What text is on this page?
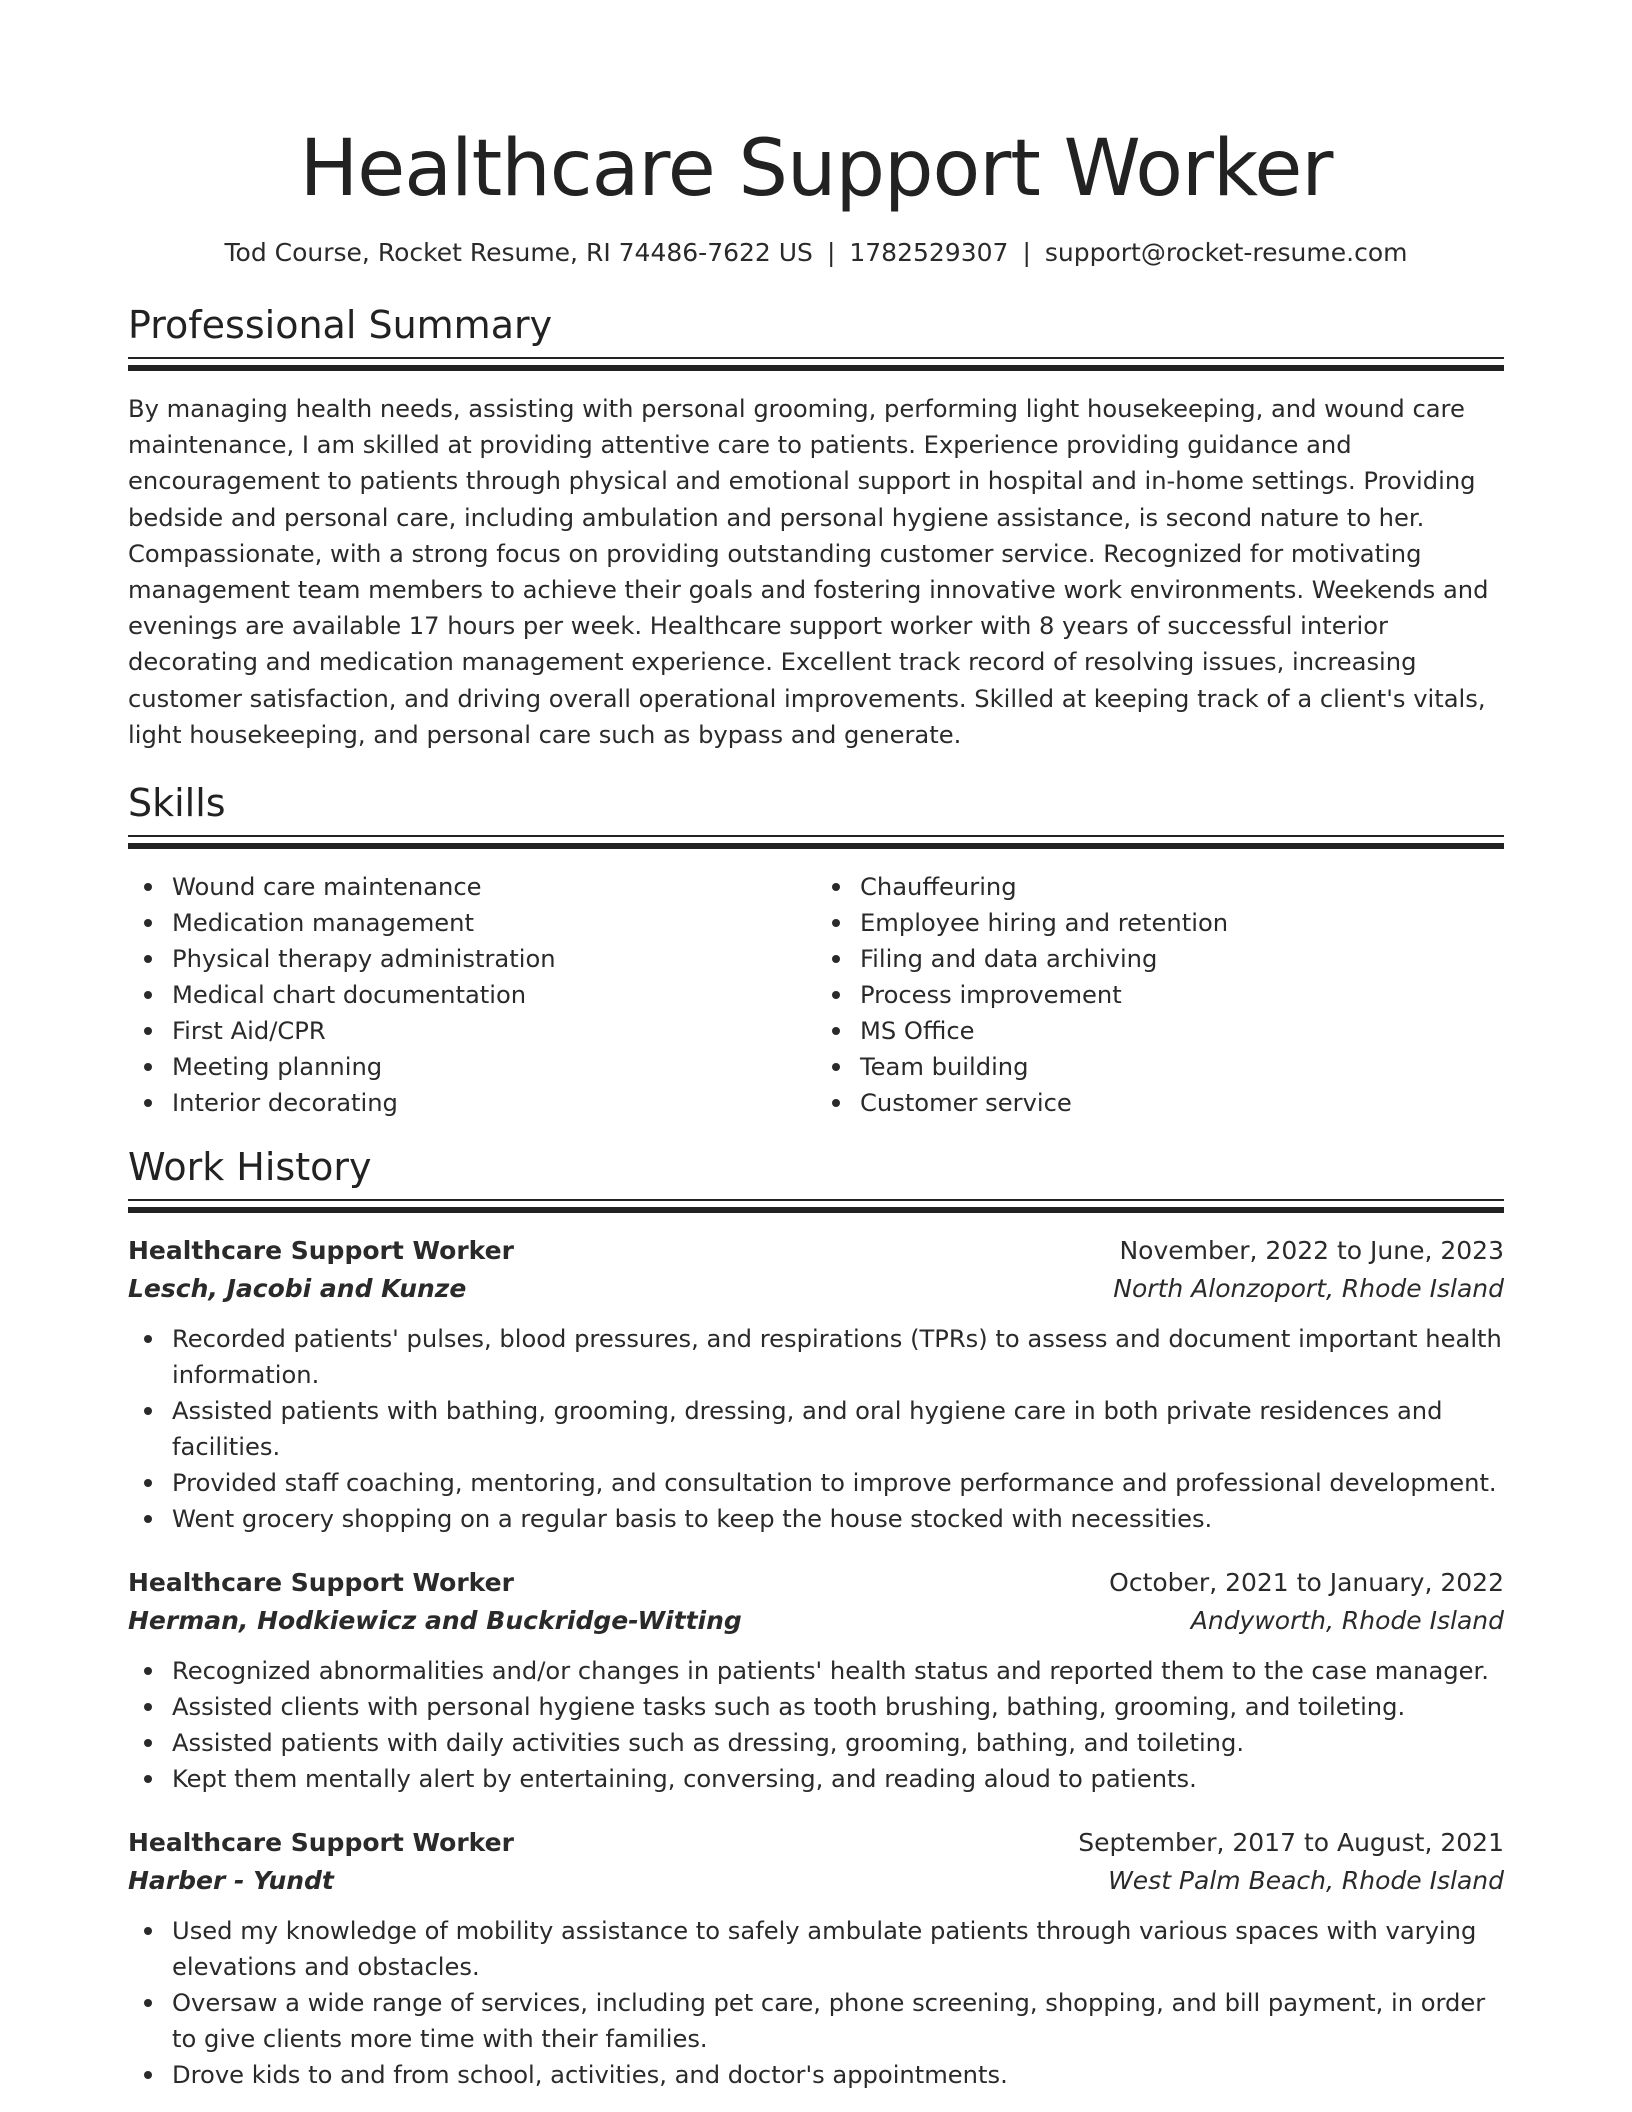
Healthcare Support Worker
Tod Course, Rocket Resume, RI 74486-7622 US | 1782529307 | support@rocket-resume.com
Professional Summary

By managing health needs, assisting with personal grooming, performing light housekeeping, and wound care maintenance, I am skilled at providing attentive care to patients. Experience providing guidance and encouragement to patients through physical and emotional support in hospital and in-home settings. Providing bedside and personal care, including ambulation and personal hygiene assistance, is second nature to her. Compassionate, with a strong focus on providing outstanding customer service. Recognized for motivating management team members to achieve their goals and fostering innovative work environments. Weekends and evenings are available 17 hours per week. Healthcare support worker with 8 years of successful interior decorating and medication management experience. Excellent track record of resolving issues, increasing customer satisfaction, and driving overall operational improvements. Skilled at keeping track of a client's vitals, light housekeeping, and personal care such as bypass and generate.

Skills
Wound care maintenance
Medication management
Physical therapy administration
Medical chart documentation
First Aid/CPR
Meeting planning
Interior decorating
Chauffeuring
Employee hiring and retention
Filing and data archiving
Process improvement
MS Office
Team building
Customer service
Work History
Healthcare Support Worker	November, 2022 to June, 2023
Lesch, Jacobi and Kunze	North Alonzoport, Rhode Island
Recorded patients' pulses, blood pressures, and respirations (TPRs) to assess and document important health information.
Assisted patients with bathing, grooming, dressing, and oral hygiene care in both private residences and facilities.
Provided staff coaching, mentoring, and consultation to improve performance and professional development.
Went grocery shopping on a regular basis to keep the house stocked with necessities.
Healthcare Support Worker	October, 2021 to January, 2022
Herman, Hodkiewicz and Buckridge-Witting	Andyworth, Rhode Island
Recognized abnormalities and/or changes in patients' health status and reported them to the case manager.
Assisted clients with personal hygiene tasks such as tooth brushing, bathing, grooming, and toileting.
Assisted patients with daily activities such as dressing, grooming, bathing, and toileting.
Kept them mentally alert by entertaining, conversing, and reading aloud to patients.
Healthcare Support Worker	September, 2017 to August, 2021
Harber - Yundt	West Palm Beach, Rhode Island
Used my knowledge of mobility assistance to safely ambulate patients through various spaces with varying elevations and obstacles.
Oversaw a wide range of services, including pet care, phone screening, shopping, and bill payment, in order to give clients more time with their families.
Drove kids to and from school, activities, and doctor's appointments.
